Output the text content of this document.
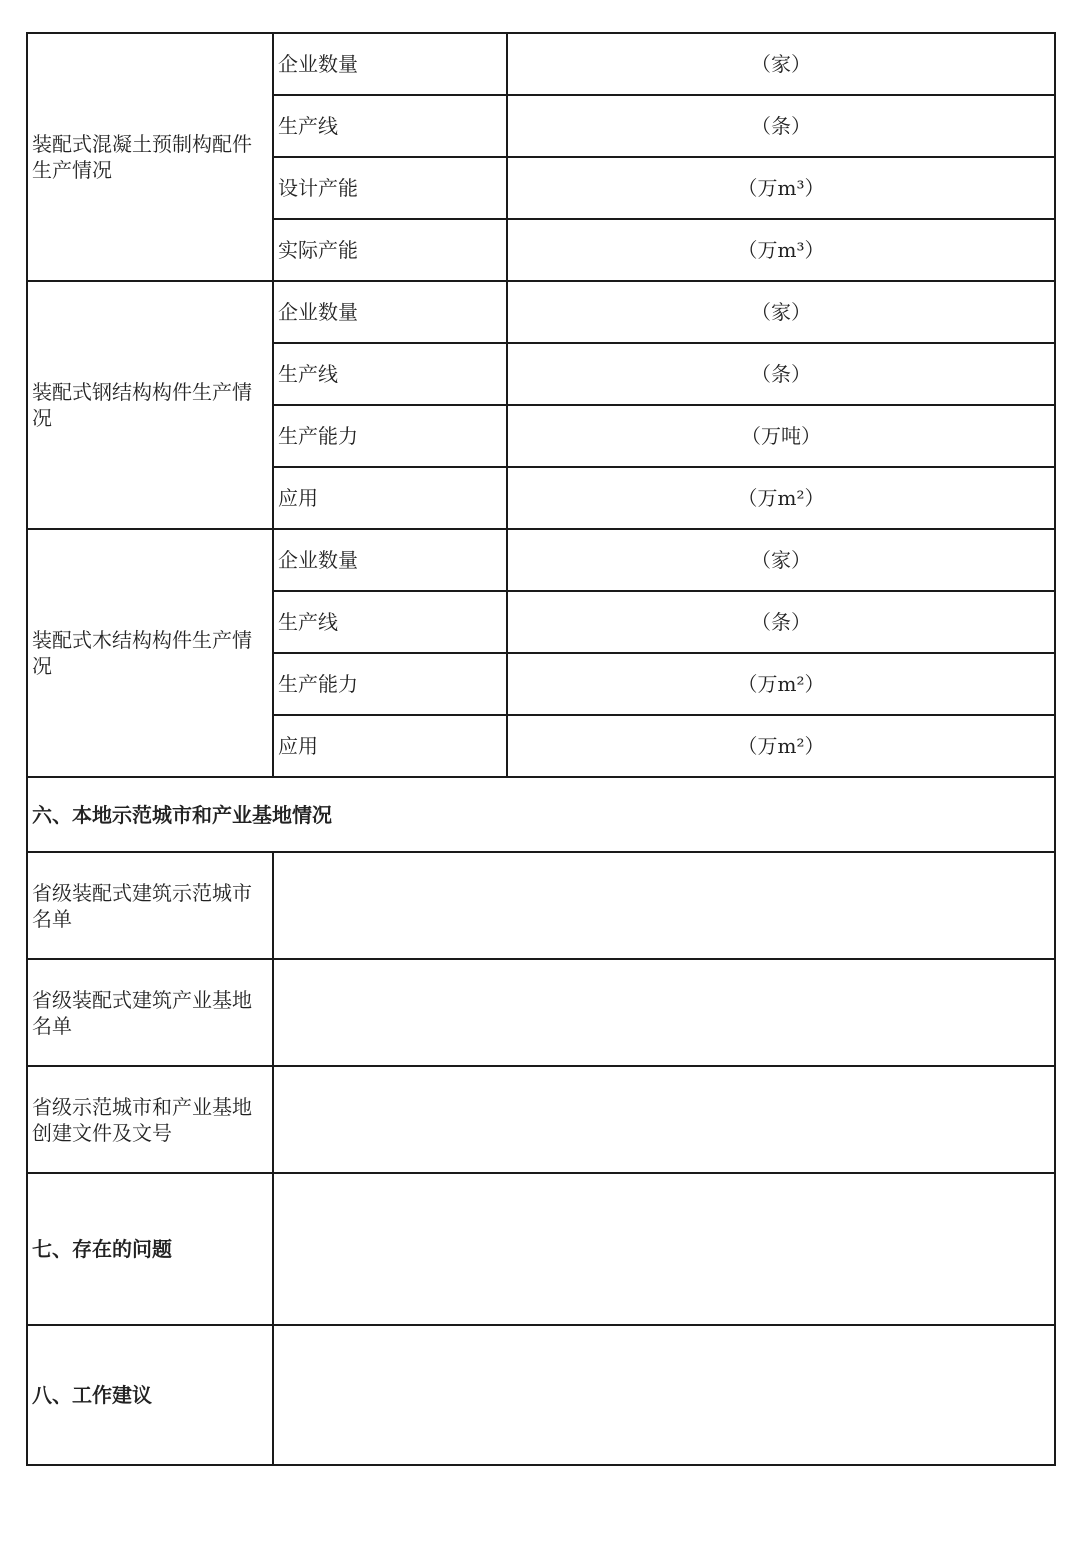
装配式混凝土预制构配件生产情况	企业数量	（家）
	生产线	（条）
	设计产能	（万m³）
	实际产能	（万m³）
装配式钢结构构件生产情况	企业数量	（家）
	生产线	（条）
	生产能力	（万吨）
	应用	（万m²）
装配式木结构构件生产情况	企业数量	（家）
	生产线	（条）
	生产能力	（万m²）
	应用	（万m²）
六、本地示范城市和产业基地情况		
省级装配式建筑示范城市名单		
省级装配式建筑产业基地名单		
省级示范城市和产业基地创建文件及文号		
七、存在的问题		
八、工作建议		
